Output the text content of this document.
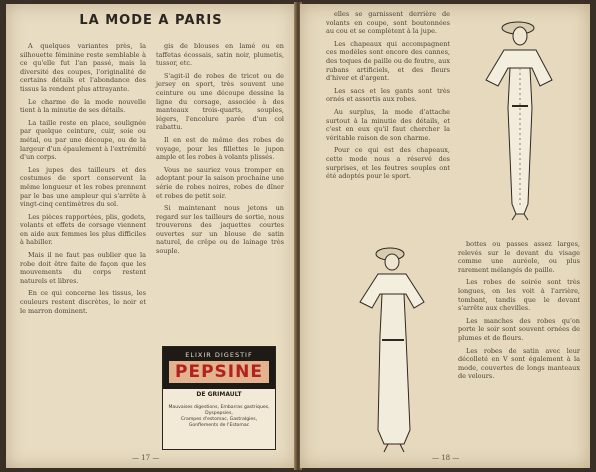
LA MODE A PARIS

A quelques variantes près, la silhouette féminine reste semblable à ce qu'elle fut l'an passé, mais la diversité des coupes, l'originalité de certains détails et l'abondance des tissus la rendent plus attrayante.

Le charme de la mode nouvelle tient à la minutie de ses détails.

La taille reste en place, soulignée par quelque ceinture, cuir, soie ou métal, ou par une découpe, ou de la largeur d'un épaulement à l'extrémité d'un corps.

Les jupes des tailleurs et des costumes de sport conservent la même longueur et les robes prennent par le bas une ampleur qui s'arrête à vingt-cinq centimètres du sol.

Les pièces rapportées, plis, godets, volants et effets de corsage viennent en aide aux femmes les plus difficiles à habiller.

Mais il ne faut pas oublier que la robe doit être faite de façon que les mouvements du corps restent naturels et libres.

En ce qui concerne les tissus, les couleurs restent discrètes, le noir et le marron dominent.

gis de blouses en lamé ou en taffetas écossais, satin noir, plumetis, tussor, etc.

S'agit-il de robes de tricot ou de jersey en sport, très souvent une ceinture ou une découpe dessine la ligne du corsage, associée à des manteaux trois-quarts, souples, légers, l'encolure parée d'un col rabattu.

Il en est de même des robes de voyage, pour les fillettes le jupon ample et les robes à volants plissés.

Vous ne sauriez vous tromper en adoptant pour la saison prochaine une série de robes noires, robes de dîner et robes de petit soir.

Si maintenant nous jetons un regard sur les tailleurs de sortie, nous trouverons des jaquettes courtes ouvertes sur un blouse de satin naturel, de crêpe ou de lainage très souple.

ELIXIR DIGESTIF
PEPSINE
DE GRIMAULT
Mauvaises digestions, Embarras gastriques, Dyspepsies,
Crampes d'estomac, Gastralgies,
Gonflements de l'Estomac
— 17 —

elles se garnissent derrière de volants en coupe, sont boutonnées au cou et se complètent à la jupe.

Les chapeaux qui accompagnent ces modèles sont encore des cannes, des toques de paille ou de feutre, aux rubans artificiels, et des fleurs d'hiver et d'argent.

Les sacs et les gants sont très ornés et assortis aux robes.

Au surplus, la mode d'attache surtout à la minutie des détails, et c'est en eux qu'il faut chercher la véritable raison de son charme.

Pour ce qui est des chapeaux, cette mode nous a réservé des surprises, et les feutres souples ont été adoptés pour le sport.

bottes ou passes assez larges, relevés sur le devant du visage comme une auréole, ou plus rarement mélangés de paille.

Les robes de soirée sont très longues, on les voit à l'arrière, tombant, tandis que le devant s'arrête aux chevilles.

Les manches des robes qu'on porte le soir sont souvent ornées de plumes et de fleurs.

Les robes de satin avec leur décolleté en V sont également à la mode, couvertes de longs manteaux de velours.

— 18 —
